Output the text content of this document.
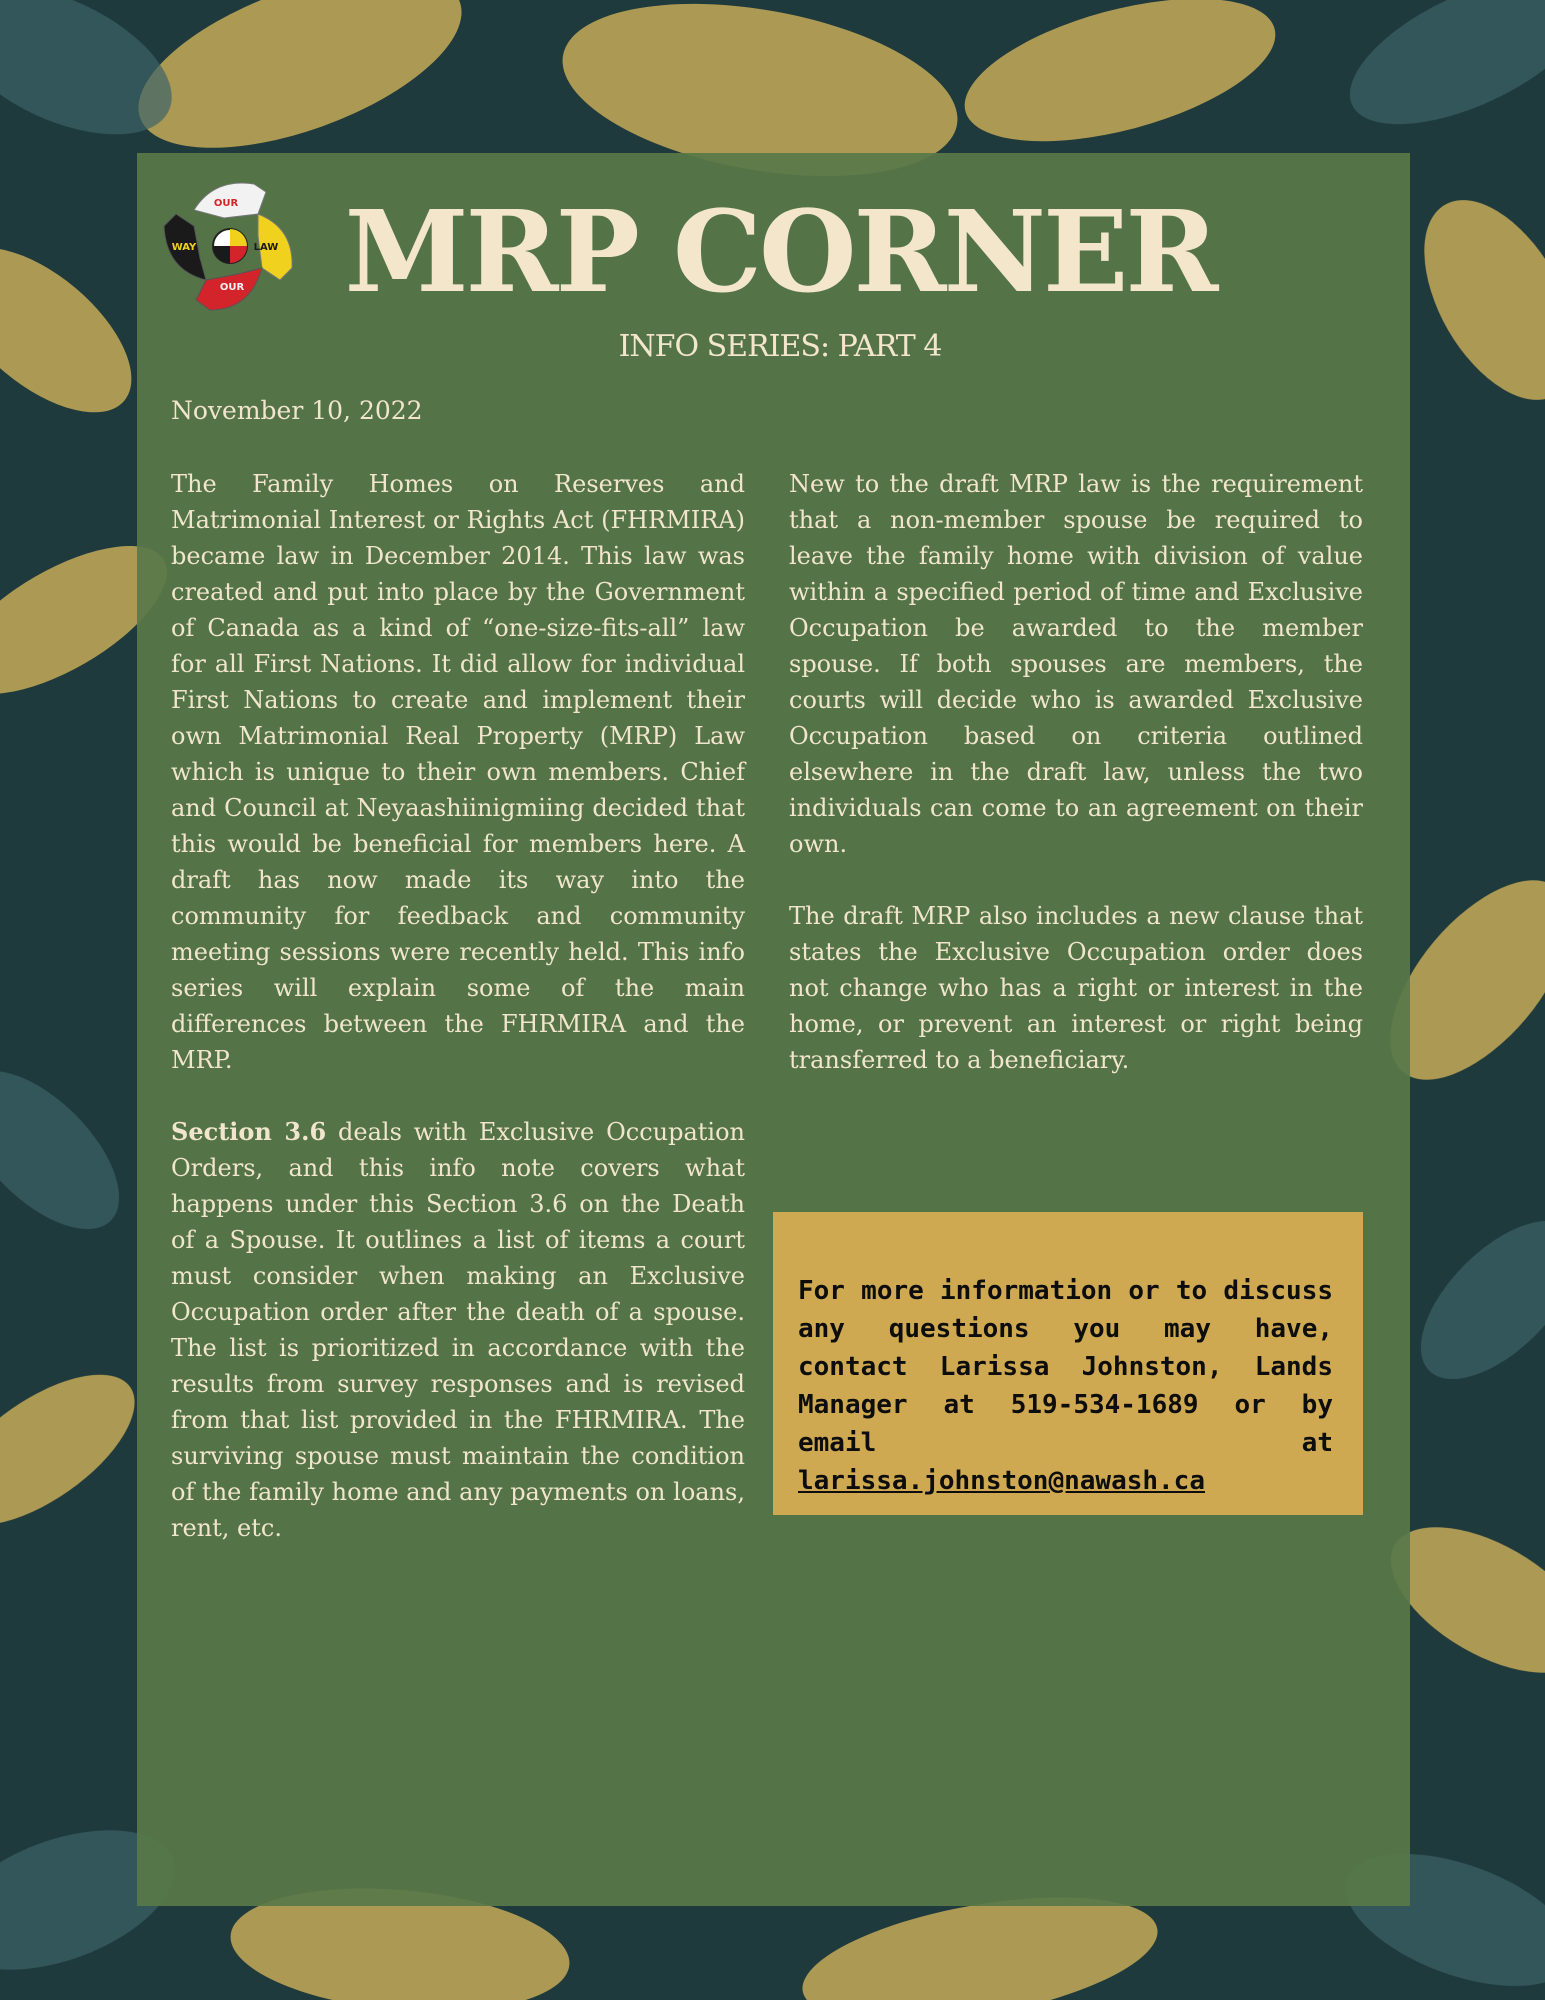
OUR
LAW
OUR
WAY	MRP CORNER
INFO SERIES: PART 4
November 10, 2022

The Family Homes on Reserves and Matrimonial Interest or Rights Act (FHRMIRA) became law in December 2014. This law was created and put into place by the Government of Canada as a kind of “one-size-fits-all” law for all First Nations. It did allow for individual First Nations to create and implement their own Matrimonial Real Property (MRP) Law which is unique to their own members. Chief and Council at Neyaashiinigmiing decided that this would be beneficial for members here. A draft has now made its way into the community for feedback and community meeting sessions were recently held. This info series will explain some of the main differences between the FHRMIRA and the MRP.

Section 3.6 deals with Exclusive Occupation Orders, and this info note covers what happens under this Section 3.6 on the Death of a Spouse. It outlines a list of items a court must consider when making an Exclusive Occupation order after the death of a spouse. The list is prioritized in accordance with the results from survey responses and is revised from that list provided in the FHRMIRA. The surviving spouse must maintain the condition of the family home and any payments on loans, rent, etc.

New to the draft MRP law is the requirement that a non-member spouse be required to leave the family home with division of value within a specified period of time and Exclusive Occupation be awarded to the member spouse. If both spouses are members, the courts will decide who is awarded Exclusive Occupation based on criteria outlined elsewhere in the draft law, unless the two individuals can come to an agreement on their own.

The draft MRP also includes a new clause that states the Exclusive Occupation order does not change who has a right or interest in the home, or prevent an interest or right being transferred to a beneficiary.

For more information or to discuss any questions you may have, contact Larissa Johnston, Lands Manager at 519-534-1689 or by email at larissa.johnston@nawash.ca
